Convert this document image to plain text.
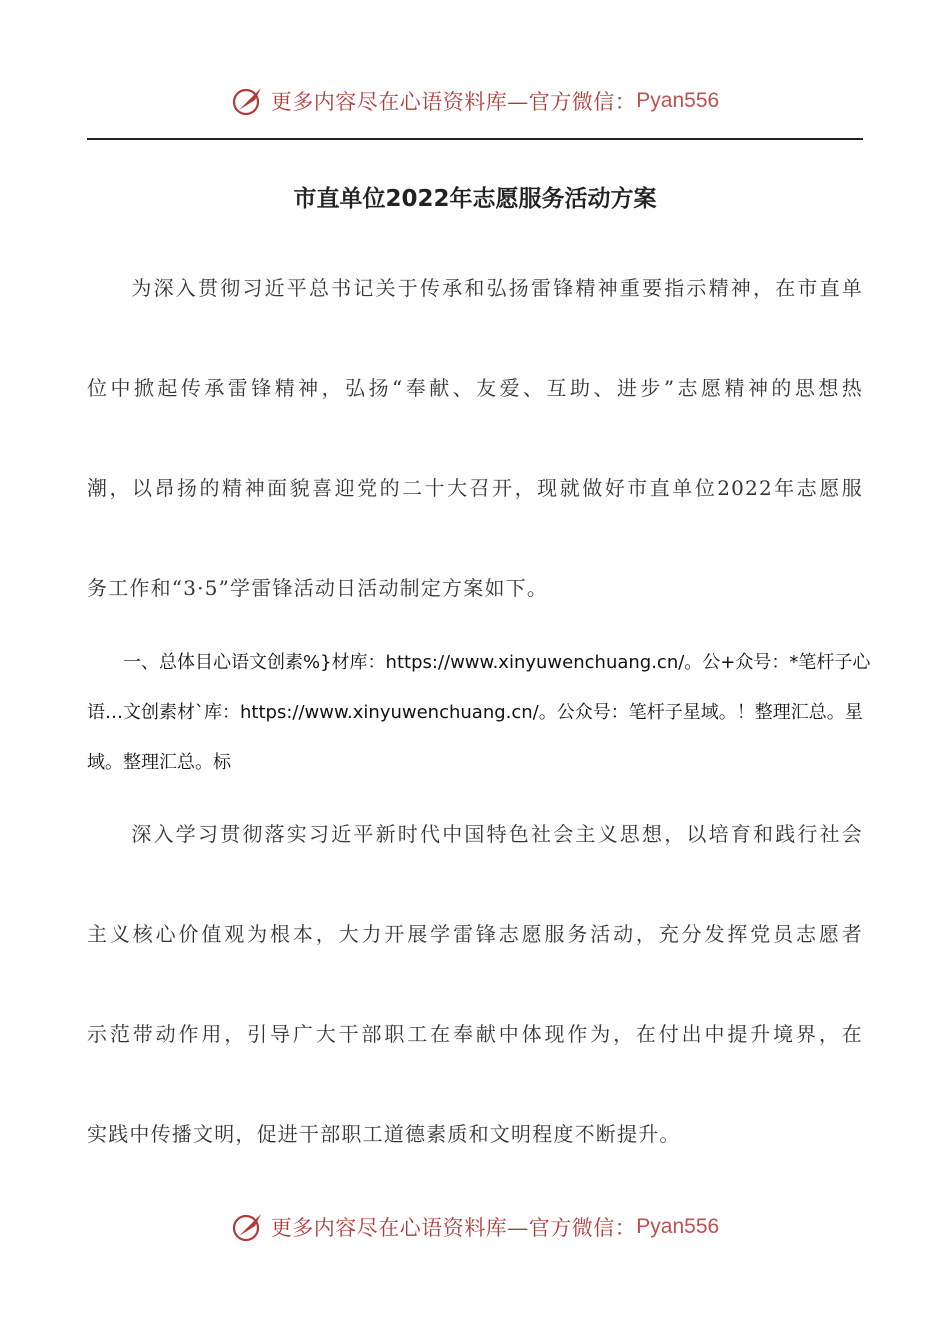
更多内容尽在心语资料库—官方微信： Pyan556
市直单位2022年志愿服务活动方案
　　为深入贯彻习近平总书记关于传承和弘扬雷锋精神重要指示精神，在市直单
位中掀起传承雷锋精神，弘扬“奉献、友爱、互助、进步”志愿精神的思想热
潮，以昂扬的精神面貌喜迎党的二十大召开，现就做好市直单位2022年志愿服
务工作和“3·5”学雷锋活动日活动制定方案如下。
　　一、总体目心语文创素%}材库：https://www.xinyuwenchuang.cn/。公+众号：*笔杆子心
语…文创素材`库：https://www.xinyuwenchuang.cn/。公众号：笔杆子星域。！整理汇总。星
域。整理汇总。标
　　深入学习贯彻落实习近平新时代中国特色社会主义思想，以培育和践行社会
主义核心价值观为根本，大力开展学雷锋志愿服务活动，充分发挥党员志愿者
示范带动作用，引导广大干部职工在奉献中体现作为，在付出中提升境界，在
实践中传播文明，促进干部职工道德素质和文明程度不断提升。
更多内容尽在心语资料库—官方微信： Pyan556
